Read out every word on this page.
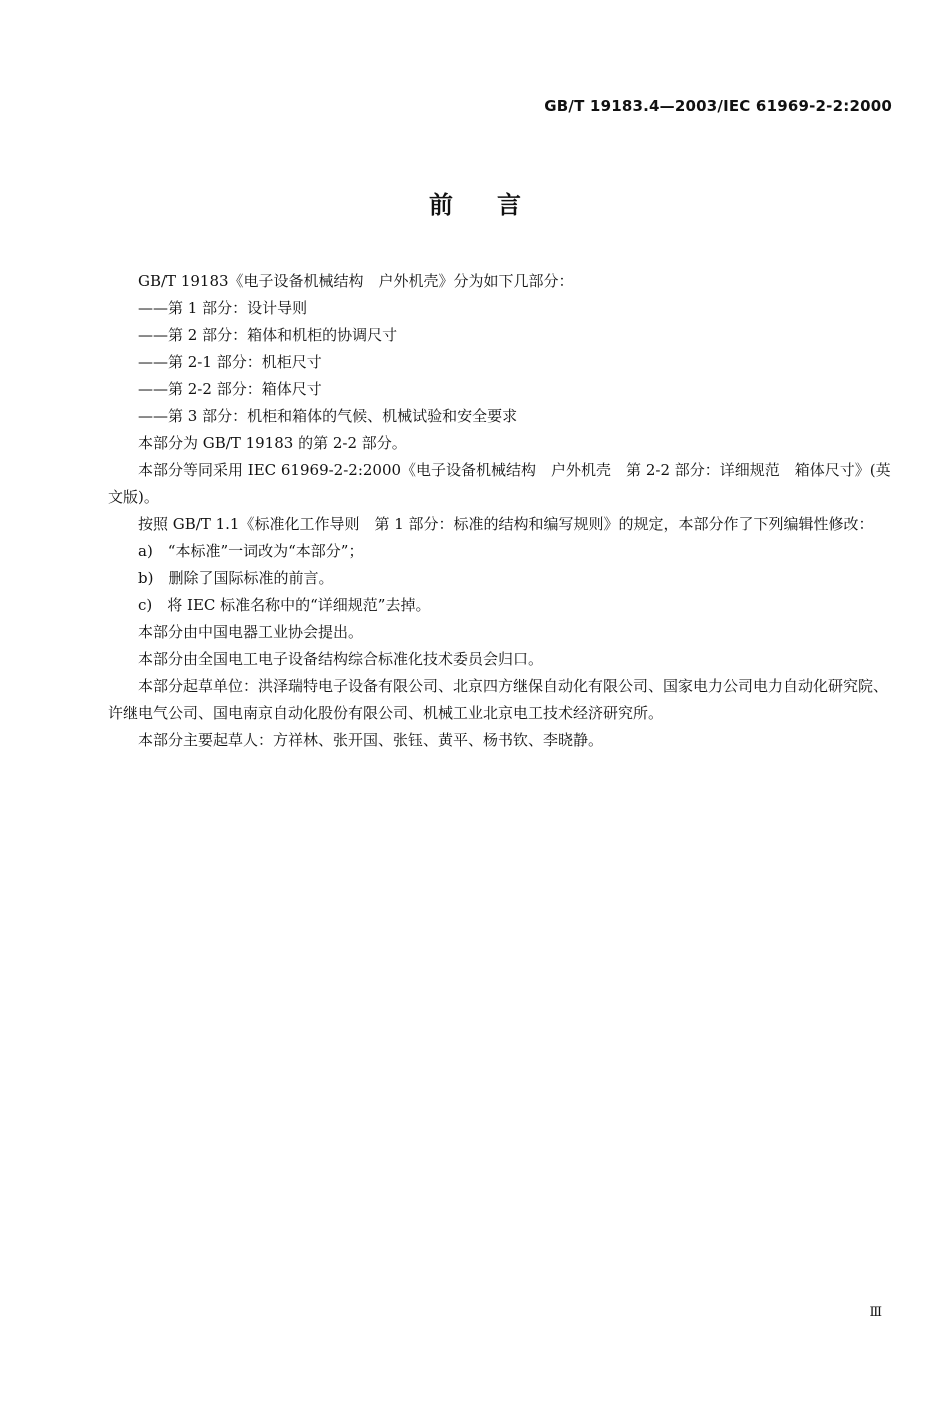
GB/T 19183.4—2003/IEC 61969-2-2:2000
前言

GB/T 19183《电子设备机械结构　户外机壳》分为如下几部分：

——第 1 部分：设计导则

——第 2 部分：箱体和机柜的协调尺寸

——第 2-1 部分：机柜尺寸

——第 2-2 部分：箱体尺寸

——第 3 部分：机柜和箱体的气候、机械试验和安全要求

本部分为 GB/T 19183 的第 2-2 部分。

本部分等同采用 IEC 61969-2-2:2000《电子设备机械结构　户外机壳　第 2-2 部分：详细规范　箱体尺寸》(英文版)。

按照 GB/T 1.1《标准化工作导则　第 1 部分：标准的结构和编写规则》的规定，本部分作了下列编辑性修改：

a)　“本标准”一词改为“本部分”；

b)　删除了国际标准的前言。

c)　将 IEC 标准名称中的“详细规范”去掉。

本部分由中国电器工业协会提出。

本部分由全国电工电子设备结构综合标准化技术委员会归口。

本部分起草单位：洪泽瑞特电子设备有限公司、北京四方继保自动化有限公司、国家电力公司电力自动化研究院、许继电气公司、国电南京自动化股份有限公司、机械工业北京电工技术经济研究所。

本部分主要起草人：方祥林、张开国、张钰、黄平、杨书钦、李晓静。

Ⅲ
